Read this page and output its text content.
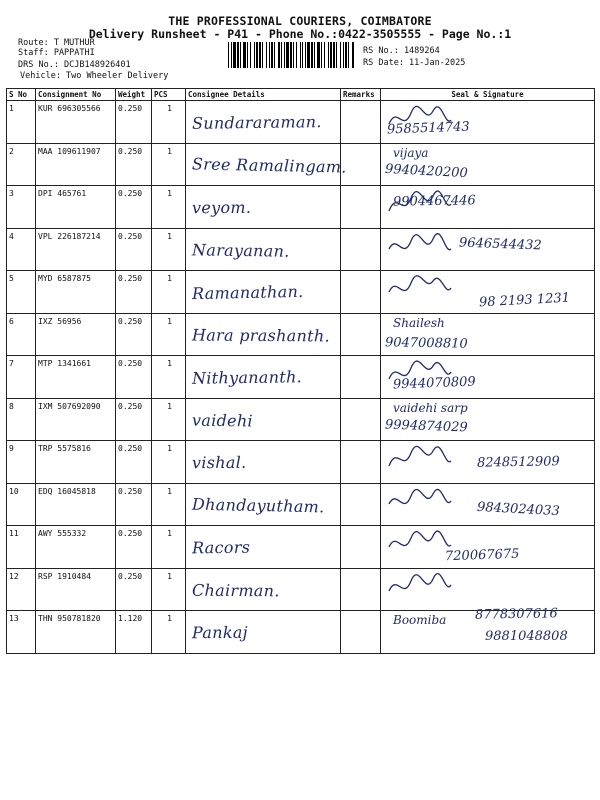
THE PROFESSIONAL COURIERS, COIMBATORE
Delivery Runsheet - P41 - Phone No.:0422-3505555 - Page No.:1
Route: T MUTHUR
Staff: PAPPATHI
DRS No.: DCJB148926401
Vehicle: Two Wheeler Delivery
RS No.: 1489264
RS Date: 11-Jan-2025
S No	Consignment No	Weight	PCS	Consignee Details	Remarks	Seal & Signature
1	KUR 696305566	0.250	1	Sundararaman.		9585514743

2	MAA 109611907	0.250	1	Sree Ramalingam.		vijaya
9940420200

3	DPI 465761	0.250	1	veyom.		9904467446

4	VPL 226187214	0.250	1	Narayanan.		9646544432

5	MYD 6587875	0.250	1	Ramanathan.		98 2193 1231

6	IXZ 56956	0.250	1	Hara prashanth.		Shailesh
9047008810

7	MTP 1341661	0.250	1	Nithyananth.		9944070809

8	IXM 507692090	0.250	1	vaidehi		vaidehi sarp
9994874029

9	TRP 5575816	0.250	1	vishal.		8248512909

10	EDQ 16045818	0.250	1	Dhandayutham.		9843024033

11	AWY 555332	0.250	1	Racors		720067675

12	RSP 1910484	0.250	1	Chairman.

13	THN 950781820	1.120	1	Pankaj		Boomiba 8778307616
9881048808
